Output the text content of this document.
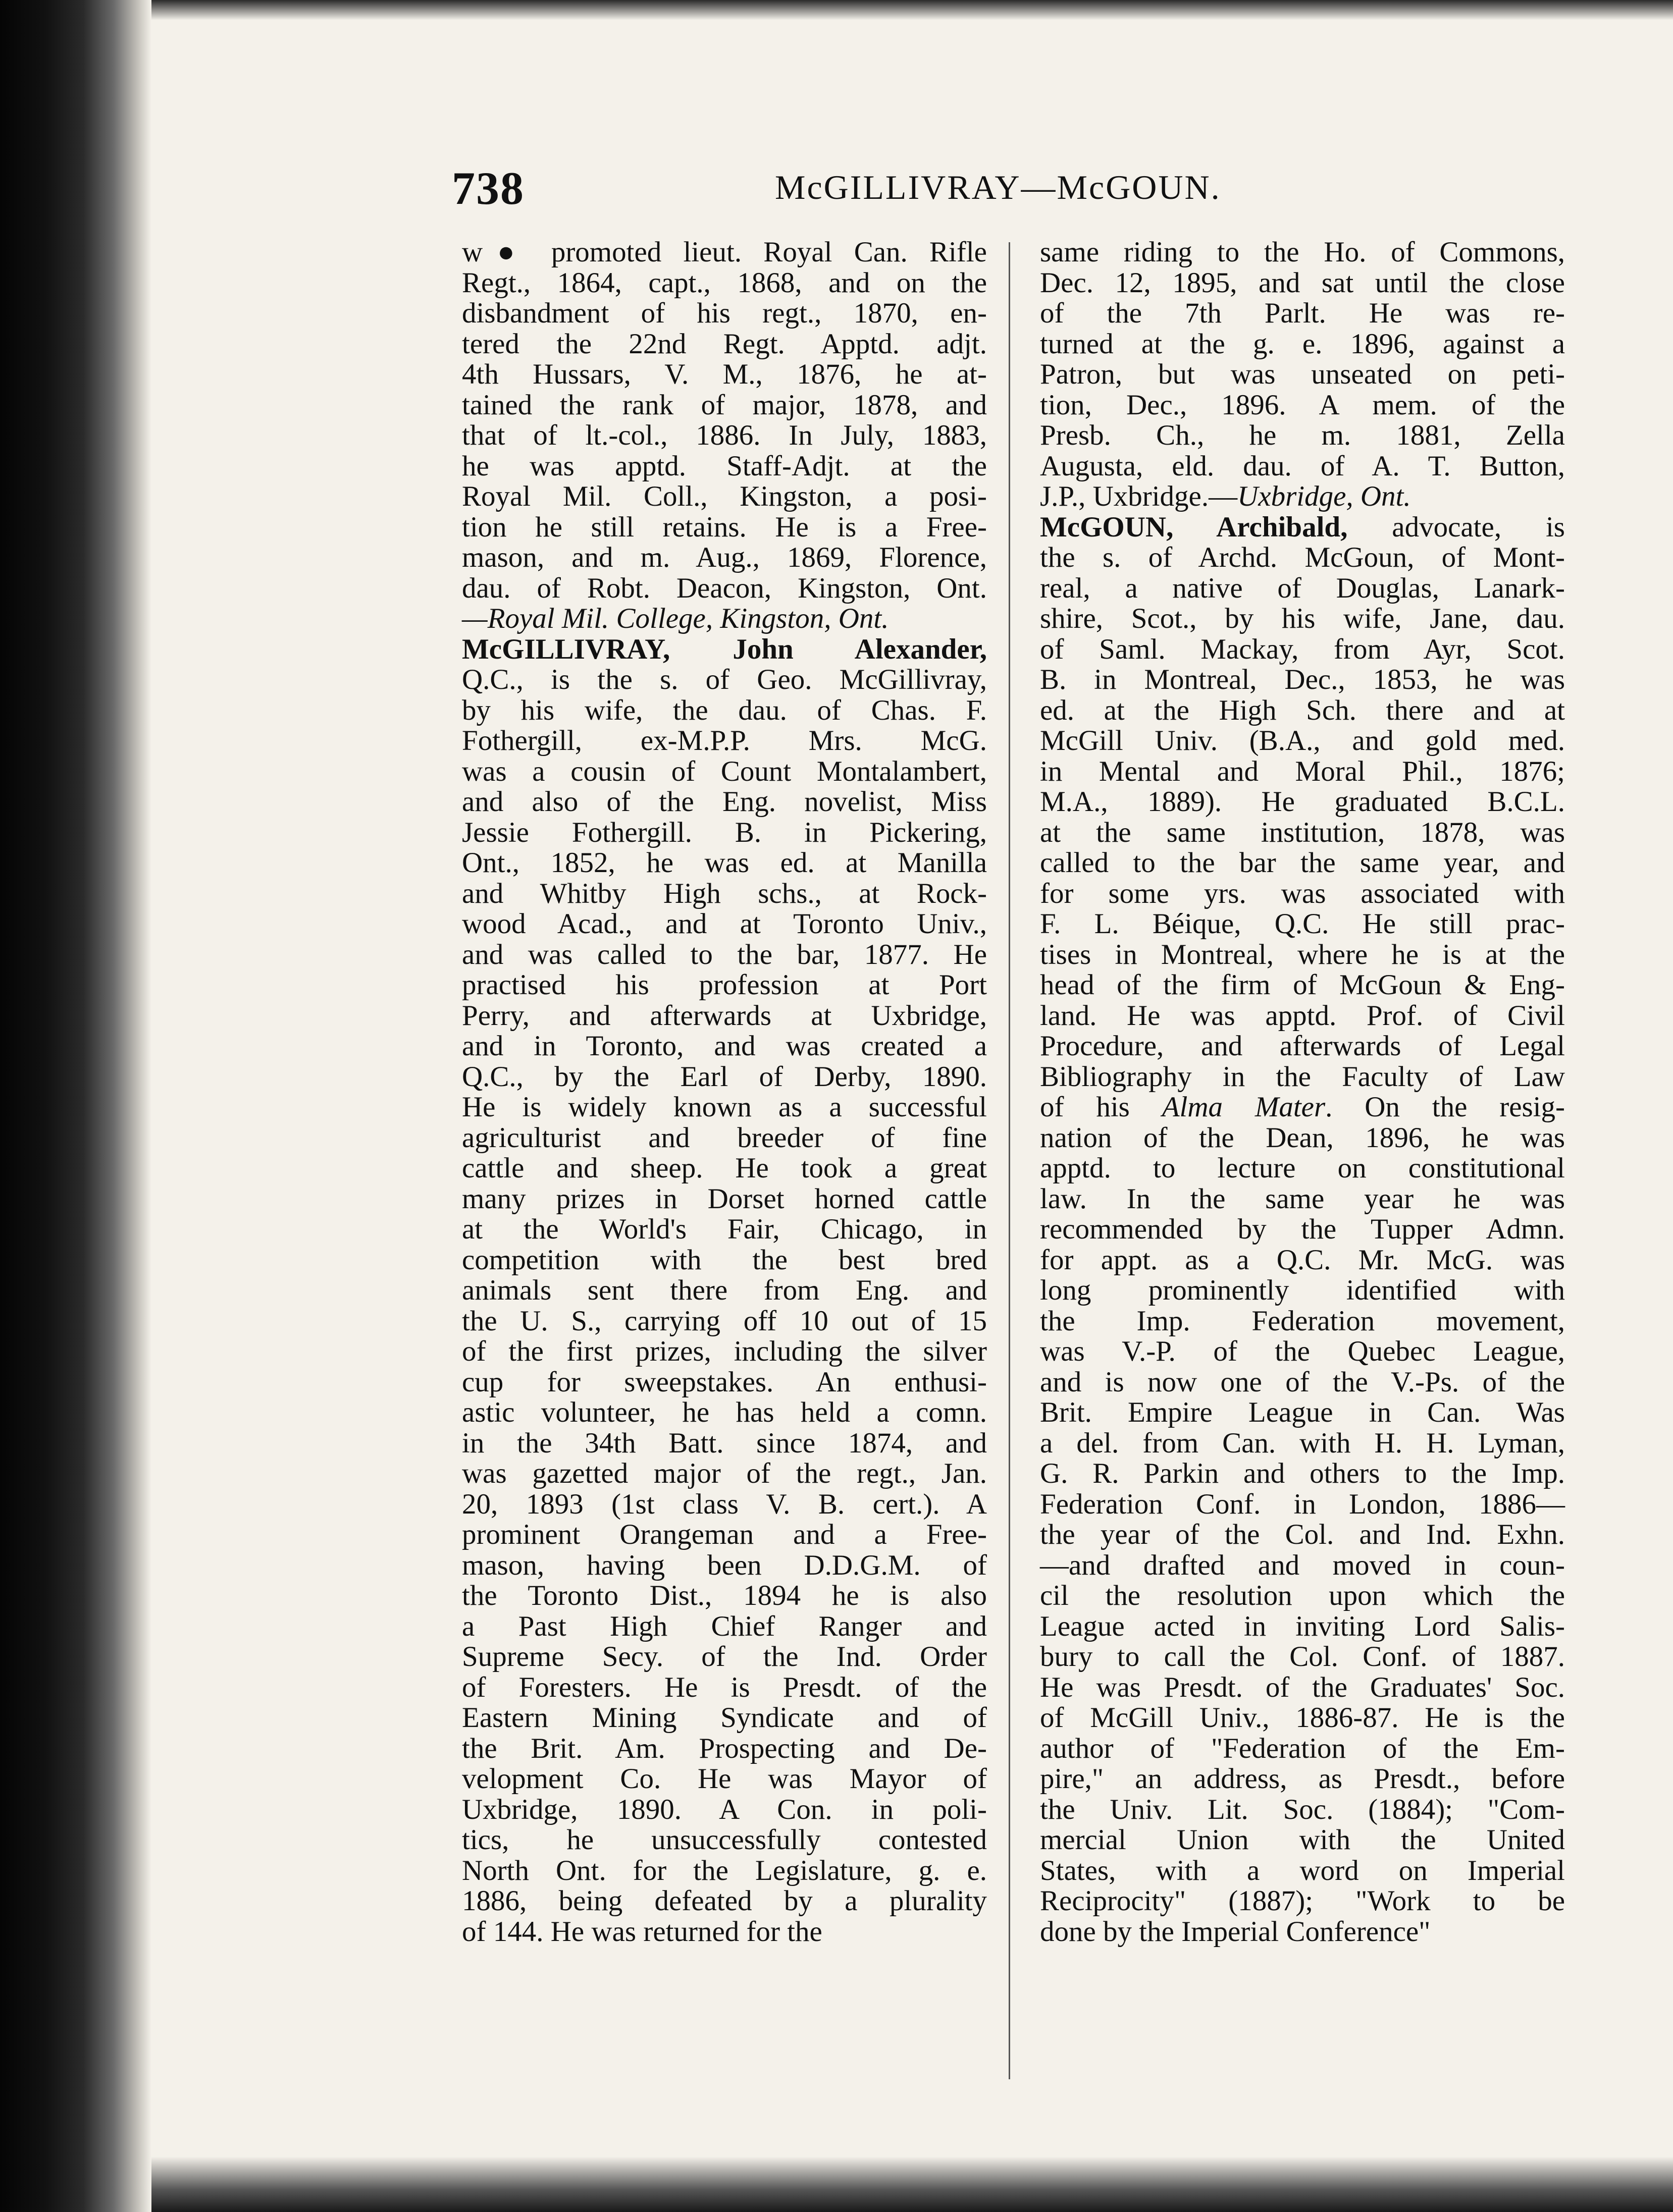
738	McGILLIVRAY—McGOUN.
w● promoted lieut. Royal Can. Rifle
Regt., 1864, capt., 1868, and on the
disbandment of his regt., 1870, en-
tered the 22nd Regt. Apptd. adjt.
4th Hussars, V. M., 1876, he at-
tained the rank of major, 1878, and
that of lt.-col., 1886. In July, 1883,
he was apptd. Staff-Adjt. at the
Royal Mil. Coll., Kingston, a posi-
tion he still retains. He is a Free-
mason, and m. Aug., 1869, Florence,
dau. of Robt. Deacon, Kingston, Ont.
—Royal Mil. College, Kingston, Ont.
McGILLIVRAY, John Alexander,
Q.C., is the s. of Geo. McGillivray,
by his wife, the dau. of Chas. F.
Fothergill, ex-M.P.P. Mrs. McG.
was a cousin of Count Montalambert,
and also of the Eng. novelist, Miss
Jessie Fothergill. B. in Pickering,
Ont., 1852, he was ed. at Manilla
and Whitby High schs., at Rock-
wood Acad., and at Toronto Univ.,
and was called to the bar, 1877. He
practised his profession at Port
Perry, and afterwards at Uxbridge,
and in Toronto, and was created a
Q.C., by the Earl of Derby, 1890.
He is widely known as a successful
agriculturist and breeder of fine
cattle and sheep. He took a great
many prizes in Dorset horned cattle
at the World's Fair, Chicago, in
competition with the best bred
animals sent there from Eng. and
the U. S., carrying off 10 out of 15
of the first prizes, including the silver
cup for sweepstakes. An enthusi-
astic volunteer, he has held a comn.
in the 34th Batt. since 1874, and
was gazetted major of the regt., Jan.
20, 1893 (1st class V. B. cert.). A
prominent Orangeman and a Free-
mason, having been D.D.G.M. of
the Toronto Dist., 1894 he is also
a Past High Chief Ranger and
Supreme Secy. of the Ind. Order
of Foresters. He is Presdt. of the
Eastern Mining Syndicate and of
the Brit. Am. Prospecting and De-
velopment Co. He was Mayor of
Uxbridge, 1890. A Con. in poli-
tics, he unsuccessfully contested
North Ont. for the Legislature, g. e.
1886, being defeated by a plurality
of 144. He was returned for the
same riding to the Ho. of Commons,
Dec. 12, 1895, and sat until the close
of the 7th Parlt. He was re-
turned at the g. e. 1896, against a
Patron, but was unseated on peti-
tion, Dec., 1896. A mem. of the
Presb. Ch., he m. 1881, Zella
Augusta, eld. dau. of A. T. Button,
J.P., Uxbridge.—Uxbridge, Ont.
McGOUN, Archibald, advocate, is
the s. of Archd. McGoun, of Mont-
real, a native of Douglas, Lanark-
shire, Scot., by his wife, Jane, dau.
of Saml. Mackay, from Ayr, Scot.
B. in Montreal, Dec., 1853, he was
ed. at the High Sch. there and at
McGill Univ. (B.A., and gold med.
in Mental and Moral Phil., 1876;
M.A., 1889). He graduated B.C.L.
at the same institution, 1878, was
called to the bar the same year, and
for some yrs. was associated with
F. L. Béique, Q.C. He still prac-
tises in Montreal, where he is at the
head of the firm of McGoun & Eng-
land. He was apptd. Prof. of Civil
Procedure, and afterwards of Legal
Bibliography in the Faculty of Law
of his Alma Mater. On the resig-
nation of the Dean, 1896, he was
apptd. to lecture on constitutional
law. In the same year he was
recommended by the Tupper Admn.
for appt. as a Q.C. Mr. McG. was
long prominently identified with
the Imp. Federation movement,
was V.-P. of the Quebec League,
and is now one of the V.-Ps. of the
Brit. Empire League in Can. Was
a del. from Can. with H. H. Lyman,
G. R. Parkin and others to the Imp.
Federation Conf. in London, 1886—
the year of the Col. and Ind. Exhn.
—and drafted and moved in coun-
cil the resolution upon which the
League acted in inviting Lord Salis-
bury to call the Col. Conf. of 1887.
He was Presdt. of the Graduates' Soc.
of McGill Univ., 1886-87. He is the
author of "Federation of the Em-
pire," an address, as Presdt., before
the Univ. Lit. Soc. (1884); "Com-
mercial Union with the United
States, with a word on Imperial
Reciprocity" (1887); "Work to be
done by the Imperial Conference"
